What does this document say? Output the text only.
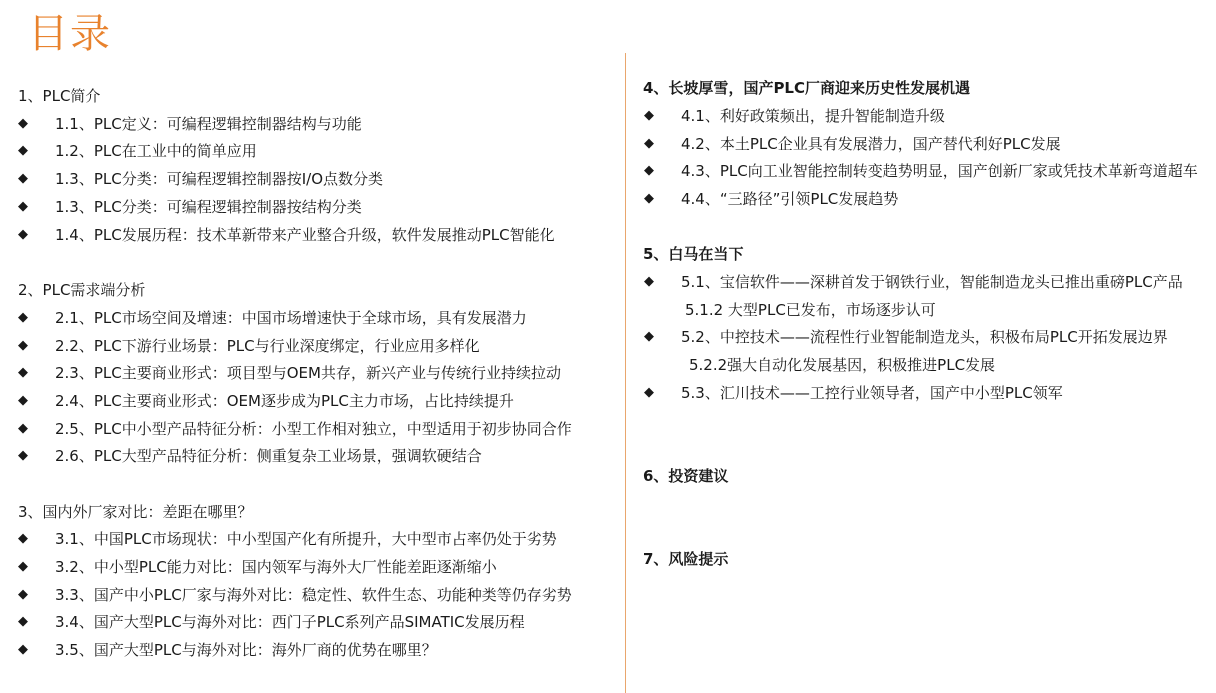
目录
1、PLC简介
◆ 1.1、PLC定义：可编程逻辑控制器结构与功能
◆ 1.2、PLC在工业中的简单应用
◆ 1.3、PLC分类：可编程逻辑控制器按I/O点数分类
◆ 1.3、PLC分类：可编程逻辑控制器按结构分类
◆ 1.4、PLC发展历程：技术革新带来产业整合升级，软件发展推动PLC智能化
2、PLC需求端分析
◆ 2.1、PLC市场空间及增速：中国市场增速快于全球市场，具有发展潜力
◆ 2.2、PLC下游行业场景：PLC与行业深度绑定，行业应用多样化
◆ 2.3、PLC主要商业形式：项目型与OEM共存，新兴产业与传统行业持续拉动
◆ 2.4、PLC主要商业形式：OEM逐步成为PLC主力市场，占比持续提升
◆ 2.5、PLC中小型产品特征分析：小型工作相对独立，中型适用于初步协同合作
◆ 2.6、PLC大型产品特征分析：侧重复杂工业场景，强调软硬结合
3、国内外厂家对比：差距在哪里？
◆ 3.1、中国PLC市场现状：中小型国产化有所提升，大中型市占率仍处于劣势
◆ 3.2、中小型PLC能力对比：国内领军与海外大厂性能差距逐渐缩小
◆ 3.3、国产中小PLC厂家与海外对比：稳定性、软件生态、功能种类等仍存劣势
◆ 3.4、国产大型PLC与海外对比：西门子PLC系列产品SIMATIC发展历程
◆ 3.5、国产大型PLC与海外对比：海外厂商的优势在哪里？
4、长坡厚雪，国产PLC厂商迎来历史性发展机遇
◆ 4.1、利好政策频出，提升智能制造升级
◆ 4.2、本土PLC企业具有发展潜力，国产替代利好PLC发展
◆ 4.3、PLC向工业智能控制转变趋势明显，国产创新厂家或凭技术革新弯道超车
◆ 4.4、“三路径”引领PLC发展趋势
5、白马在当下
◆ 5.1、宝信软件——深耕首发于钢铁行业，智能制造龙头已推出重磅PLC产品
5.1.2 大型PLC已发布，市场逐步认可
◆ 5.2、中控技术——流程性行业智能制造龙头，积极布局PLC开拓发展边界
5.2.2强大自动化发展基因，积极推进PLC发展
◆ 5.3、汇川技术——工控行业领导者，国产中小型PLC领军
6、投资建议
7、风险提示
